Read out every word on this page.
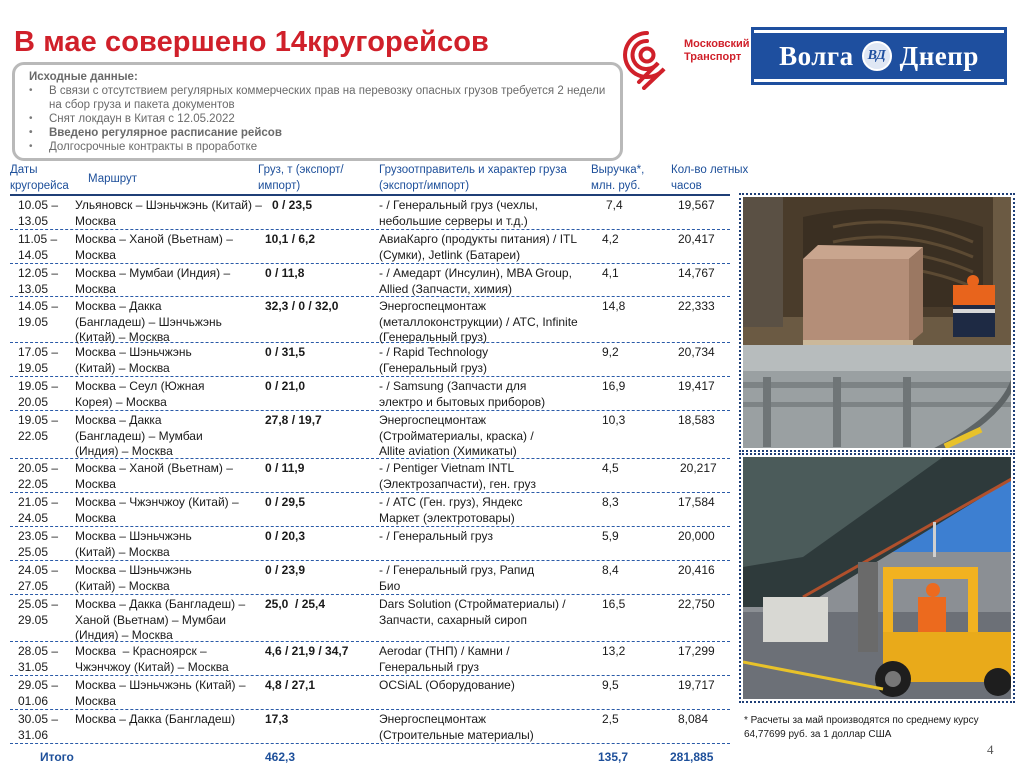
В мае совершено 14кругорейсов
Исходные данные:
• В связи с отсутствием регулярных коммерческих прав на перевозку опасных грузов требуется 2 недели на сбор груза и пакета документов
• Снят локдаун в Китая с 12.05.2022
• Введено регулярное расписание рейсов
• Долгосрочные контракты в проработке
Московский
Транспорт	Волга ВД Днепр
Даты кругорейса
Маршрут
Груз, т (экспорт/импорт)
Грузоотправитель и характер груза (экспорт/импорт)
Выручка*, млн. руб.
Кол-во летных часов
10.05 – 13.05
Ульяновск – Шэньчжэнь (Китай) – Москва
0 / 23,5	- / Генеральный груз (чехлы, небольшие серверы и т.д.)
7,4	19,567
11.05 – 14.05
Москва – Ханой (Вьетнам) – Москва
10,1 / 6,2	АвиаКарго (продукты питания) / ITL (Сумки), Jetlink (Батареи)
4,2	20,417
12.05 – 13.05
Москва – Мумбаи (Индия) – Москва
0 / 11,8	- / Амедарт (Инсулин), MBA Group, Allied (Запчасти, химия)
4,1	14,767
14.05 – 19.05
Москва – Дакка (Бангладеш) – Шэнчьжэнь (Китай) – Москва
32,3 / 0 / 32,0	Энергоспецмонтаж (металлоконструкции) / АТС, Infinite (Генеральный груз)
14,8	22,333
17.05 – 19.05
Москва – Шэньчжэнь (Китай) – Москва
0 / 31,5	- / Rapid Technology (Генеральный груз)
9,2	20,734
19.05 – 20.05
Москва – Сеул (Южная Корея) – Москва
0 / 21,0	- / Samsung (Запчасти для электро и бытовых приборов)
16,9	19,417
19.05 – 22.05
Москва – Дакка (Бангладеш) – Мумбаи (Индия) – Москва
27,8 / 19,7	Энергоспецмонтаж (Стройматериалы, краска) / Allite aviation (Химикаты)
10,3	18,583
20.05 – 22.05
Москва – Ханой (Вьетнам) – Москва
0 / 11,9	- / Pentiger Vietnam INTL (Электрозапчасти), ген. груз
4,5	20,217
21.05 – 24.05
Москва – Чжэнчжоу (Китай) – Москва
0 / 29,5	- / АТС (Ген. груз), Яндекс Маркет (электротовары)
8,3	17,584
23.05 – 25.05
Москва – Шэньчжэнь (Китай) – Москва
0 / 20,3	- / Генеральный груз	5,9	20,000
24.05 – 27.05
Москва – Шэньчжэнь (Китай) – Москва
0 / 23,9	- / Генеральный груз, Рапид Био
8,4	20,416
25.05 – 29.05
Москва – Дакка (Бангладеш) – Ханой (Вьетнам) – Мумбаи (Индия) – Москва
25,0  / 25,4	Dars Solution (Стройматериалы) / Запчасти, сахарный сироп
16,5	22,750
28.05 – 31.05
Москва  – Красноярск – Чжэнчжоу (Китай) – Москва
4,6 / 21,9 / 34,7	Aerodar (ТНП) / Камни / Генеральный груз
13,2	17,299
29.05 – 01.06
Москва – Шэньчжэнь (Китай) – Москва
4,8 / 27,1	OCSiAL (Оборудование)	9,5	19,717
30.05 – 31.06
Москва – Дакка (Бангладеш)	17,3	Энергоспецмонтаж (Строительные материалы)
2,5	8,084
Итого	462,3	135,7	281,885
* Расчеты за май производятся по среднему курсу 64,77699 руб. за 1 доллар США
4
